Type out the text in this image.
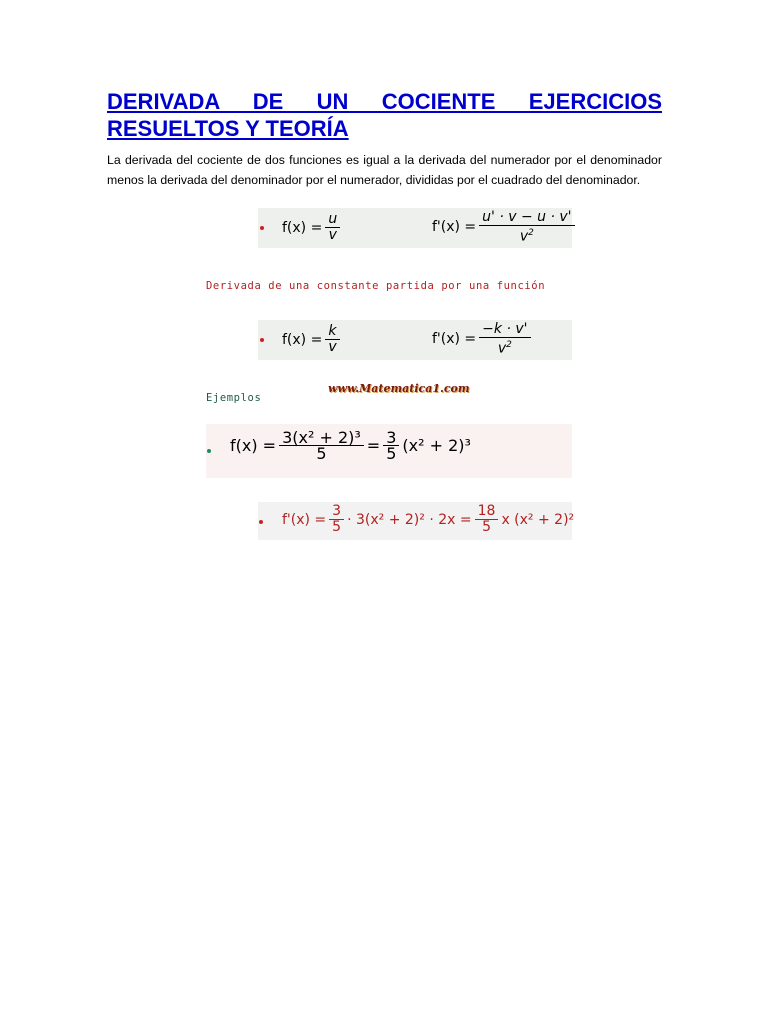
DERIVADA DE UN COCIENTE EJERCICIOS
RESUELTOS Y TEORÍA

La derivada del cociente de dos funciones es igual a la derivada del numerador por el denominador menos la derivada del denominador por el numerador, divididas por el cuadrado del denominador.

$f(x) = \frac{u}{v}$	$f'(x) = \frac{u' \cdot v - u \cdot v'}{v^2}$
Derivada de una constante partida por una función
$f(x) = \frac{k}{v}$	$f'(x) = \frac{-k \cdot v'}{v^2}$
Ejemplos
www.Matematica1.com
$f(x) = \frac{\text{3(x² + 2)³}}{5} = \frac{3}{5} (x^2 + 2)^3$
$f'(x) = \frac{3}{5} \cdot 3(x^2 + 2)^2 \cdot 2x = \frac{18}{5}$ x (x² + 2)²
